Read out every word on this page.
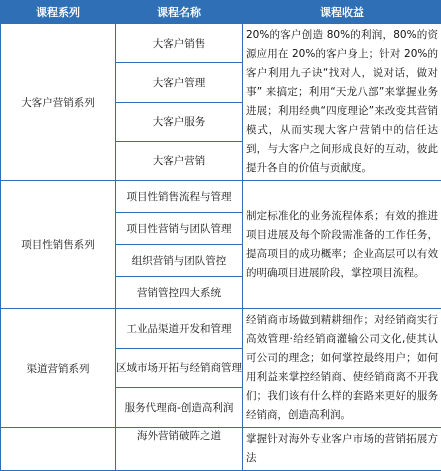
课程系列	课程名称	课程收益
大客户营销系列	大客户销售	20%的客户创造 80%的利润，80%的资源应用在 20%的客户身上；针对 20%的客户利用九子诀“找对人，说对话，做对事” 来搞定；利用“天龙八部”来掌握业务进展；利用经典“四度理论”来改变其营销模式，从而实现大客户营销中的信任达到，与大客户之间形成良好的互动，彼此提升各自的价值与贡献度。
	大客户管理	
	大客户服务	
	大客户营销	
项目性销售系列	项目性销售流程与管理	制定标准化的业务流程体系；有效的推进项目进展及每个阶段需准备的工作任务，提高项目的成功概率；企业高层可以有效的明确项目进展阶段，掌控项目流程。
	项目性营销与团队管理	
	组织营销与团队管控	
	营销管控四大系统	
渠道营销系列	工业品渠道开发和管理	经销商市场做到精耕细作；对经销商实行高效管理·给经销商灌输公司文化,使其认可公司的理念；如何掌控最终用户；如何用利益来掌控经销商、使经销商离不开我们；我们该有什么样的套路来更好的服务经销商，创造高利润。
	区域市场开拓与经销商管理	
	服务代理商-创造高利润	
	海外营销破阵之道	掌握针对海外专业客户市场的营销拓展方法
